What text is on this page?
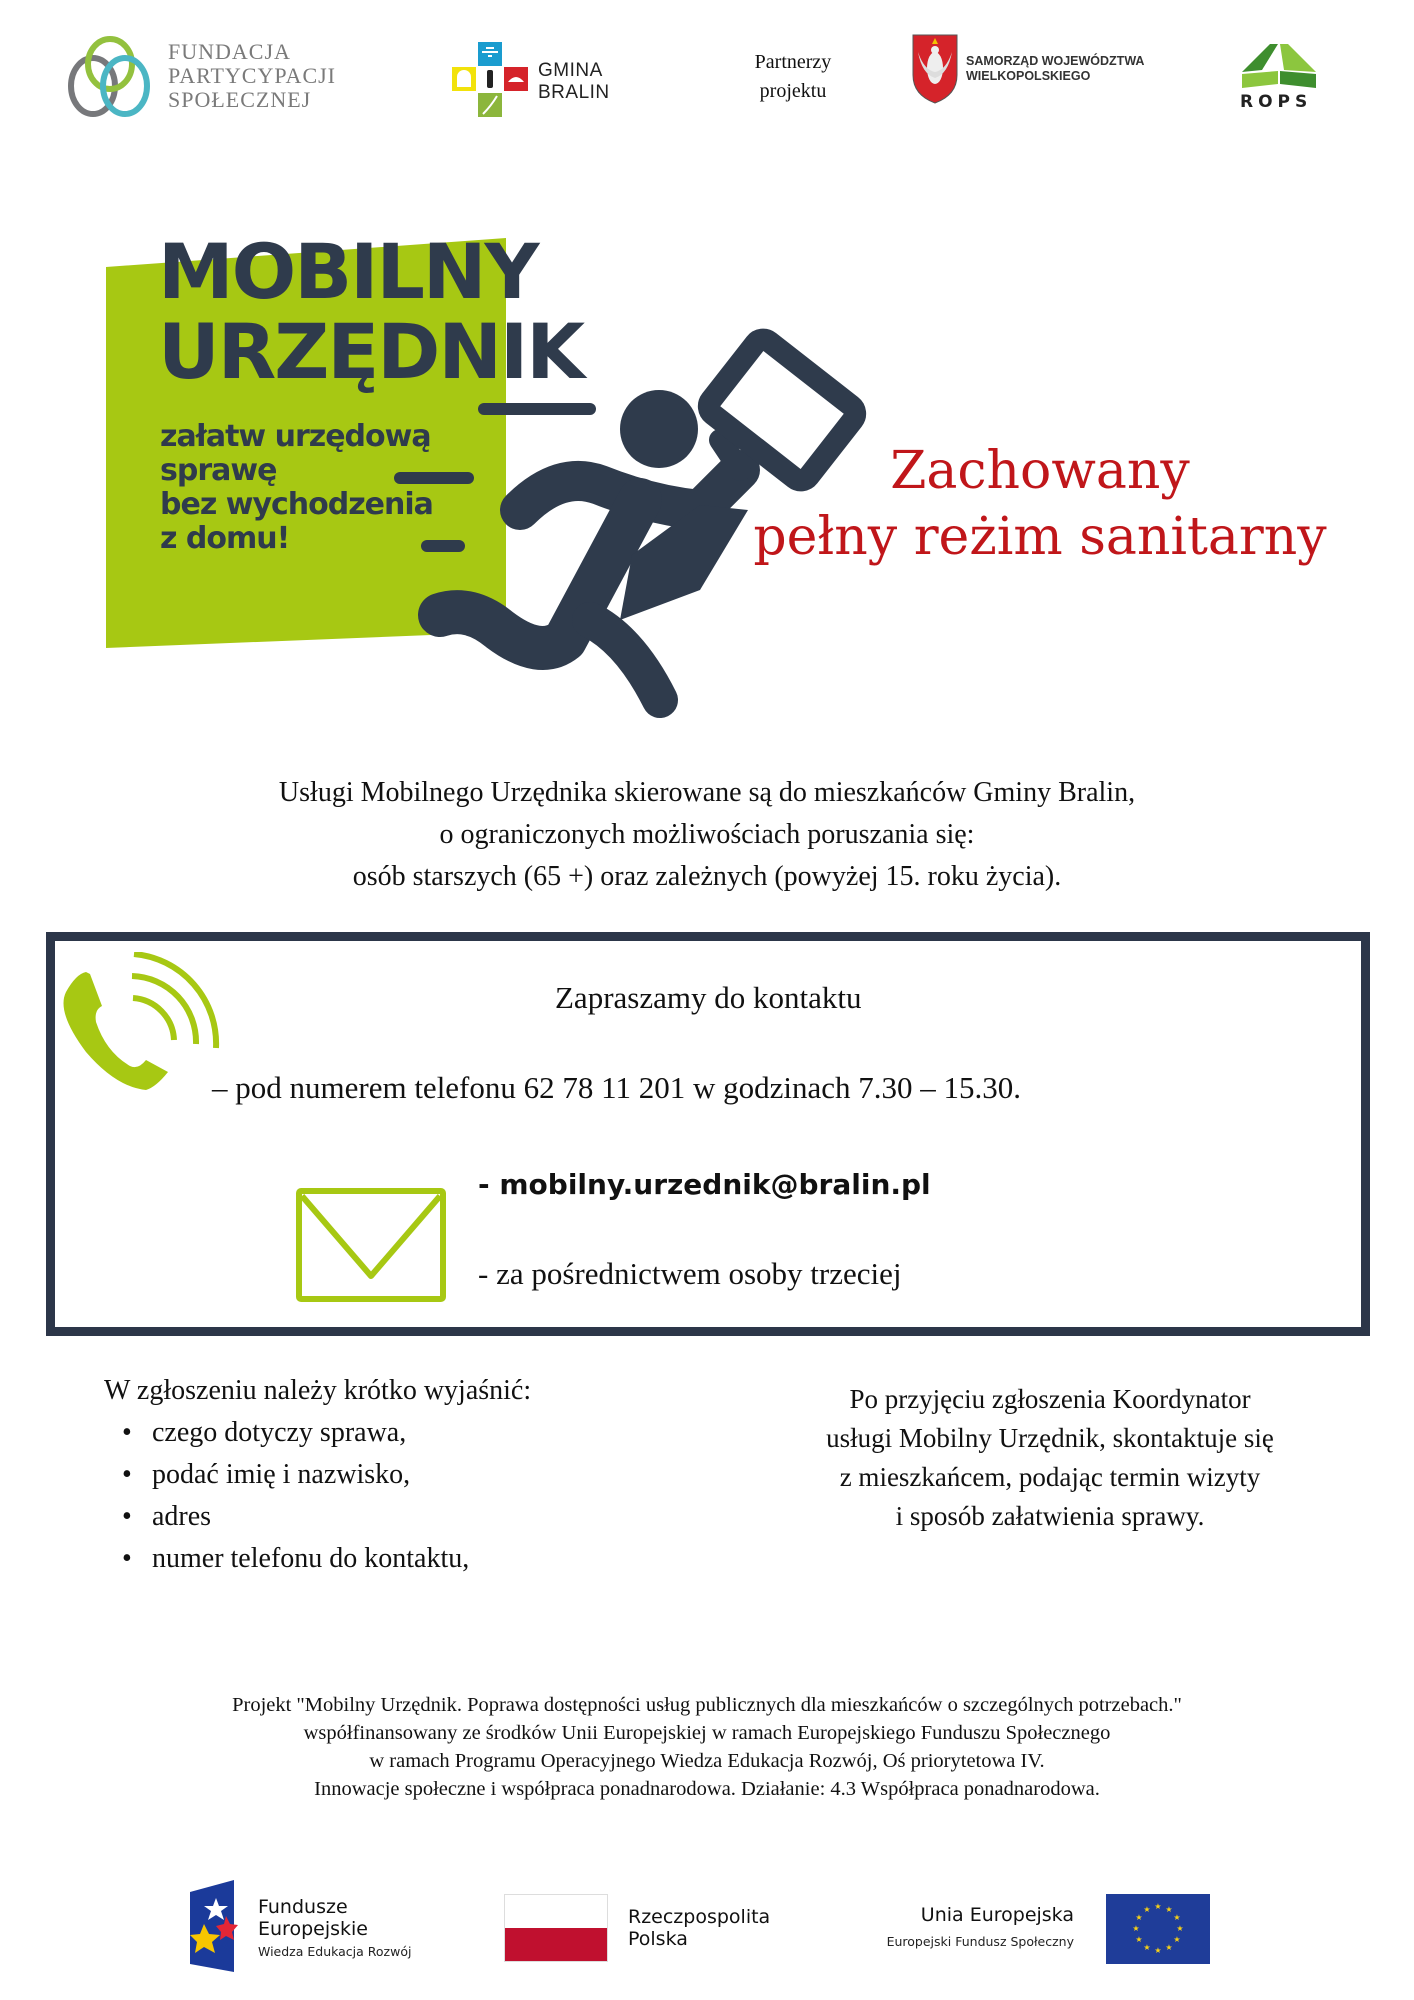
FUNDACJA
PARTYCYPACJI
SPOŁECZNEJ
GMINA
BRALIN
Partnerzy
projektu
SAMORZĄD WOJEWÓDZTWA
WIELKOPOLSKIEGO
ROPS
MOBILNY
URZĘDNIK
załatw urzędową
sprawę
bez wychodzenia
z domu!
Zachowany
pełny reżim sanitarny
Usługi Mobilnego Urzędnika skierowane są do mieszkańców Gminy Bralin,
o ograniczonych możliwościach poruszania się:
osób starszych (65 +) oraz zależnych (powyżej 15. roku życia).
Zapraszamy do kontaktu
– pod numerem telefonu 62 78 11 201 w godzinach 7.30 – 15.30.
- mobilny.urzednik@bralin.pl
- za pośrednictwem osoby trzeciej
W zgłoszeniu należy krótko wyjaśnić:
• czego dotyczy sprawa,
• podać imię i nazwisko,
• adres
• numer telefonu do kontaktu,
Po przyjęciu zgłoszenia Koordynator
usługi Mobilny Urzędnik, skontaktuje się
z mieszkańcem, podając termin wizyty
i sposób załatwienia sprawy.
Projekt "Mobilny Urzędnik. Poprawa dostępności usług publicznych dla mieszkańców o szczególnych potrzebach."
współfinansowany ze środków Unii Europejskiej w ramach Europejskiego Funduszu Społecznego
w ramach Programu Operacyjnego Wiedza Edukacja Rozwój, Oś priorytetowa IV.
Innowacje społeczne i współpraca ponadnarodowa. Działanie: 4.3 Współpraca ponadnarodowa.
Fundusze
Europejskie
Wiedza Edukacja Rozwój
Rzeczpospolita
Polska
Unia Europejska
Europejski Fundusz Społeczny
★ ★
★
★
★
★
★
★
★
★
★
★
